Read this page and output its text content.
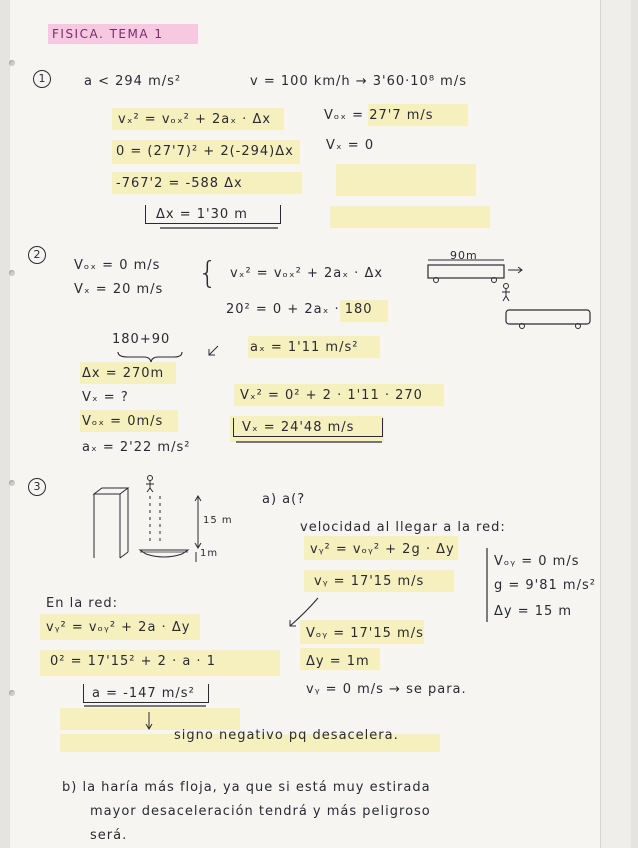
FISICA. TEMA 1
1	a < 294 m/s²	v = 100 km/h → 3'60·10⁸ m/s
vₓ² = vₒₓ² + 2aₓ · Δx	Vₒₓ = 27'7 m/s
0 = (27'7)² + 2(-294)Δx Vₓ = 0
-767'2 = -588 Δx
Δx = 1'30 m
2
Vₒₓ = 0 m/s
Vₓ = 20 m/s { vₓ² = vₒₓ² + 2aₓ · Δx
20² = 0 + 2aₓ · 180
90m
180+90
aₓ = 1'11 m/s²
Δx = 270m
Vₓ = ?	Vₓ² = 0² + 2 · 1'11 · 270
Vₒₓ = 0m/s	Vₓ = 24'48 m/s
aₓ = 2'22 m/s²
3
15 m
1m
a) a(?
velocidad al llegar a la red:
vᵧ² = vₒᵧ² + 2g · Δy
vᵧ = 17'15 m/s
Vₒᵧ = 0 m/s
g = 9'81 m/s²
Δy = 15 m
En la red:
vᵧ² = vₒᵧ² + 2a · Δy	Vₒᵧ = 17'15 m/s
0² = 17'15² + 2 · a · 1	Δy = 1m
a = -147 m/s²	vᵧ = 0 m/s → se para.
signo negativo pq desacelera.
b) la haría más floja, ya que si está muy estirada
mayor desaceleración tendrá y más peligroso
será.
